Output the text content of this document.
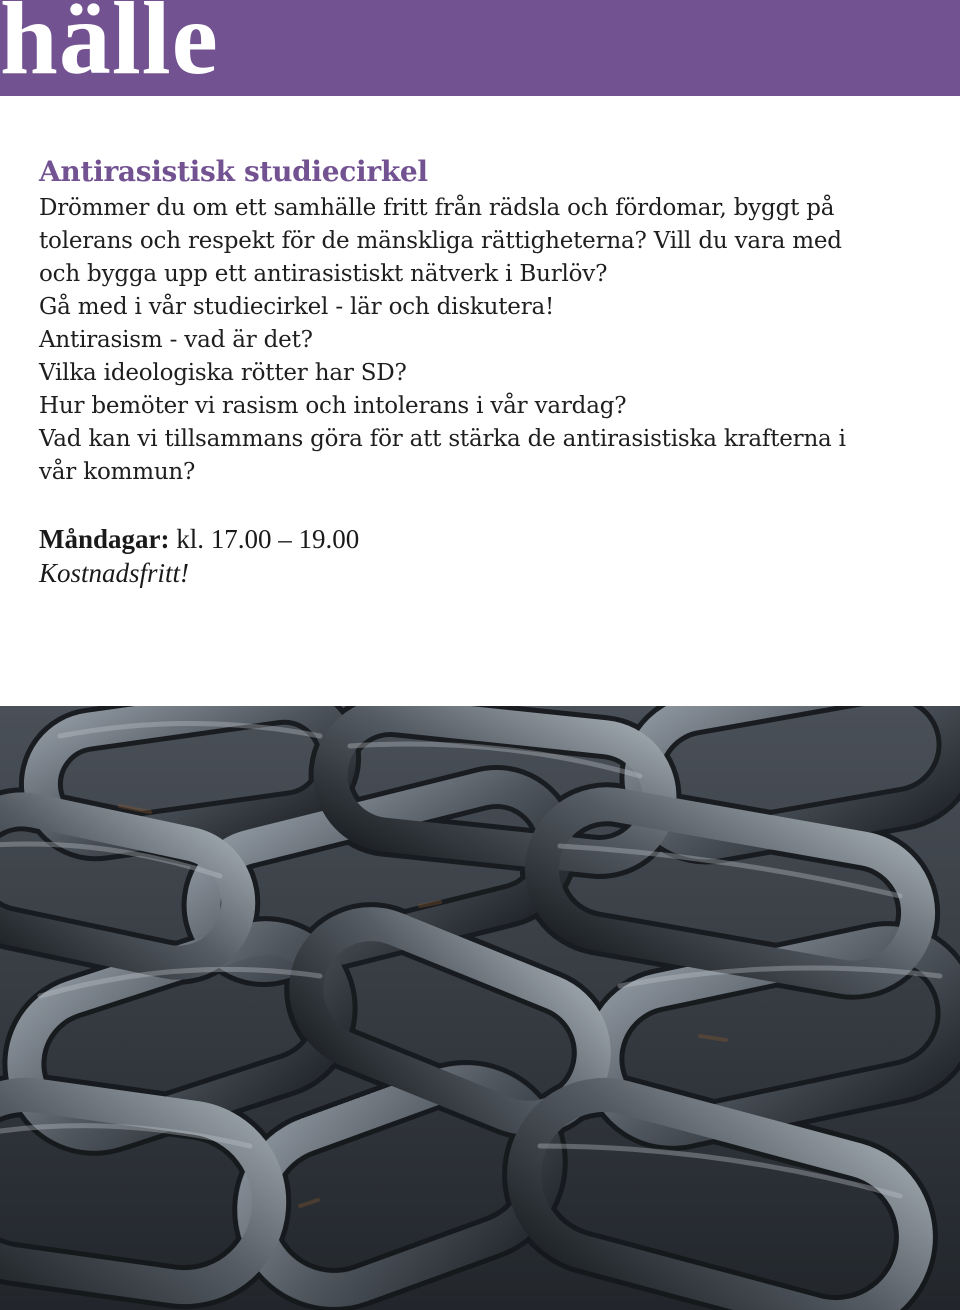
hälle
Antirasistisk studiecirkel

Drömmer du om ett samhälle fritt från rädsla och fördomar, byggt på

tolerans och respekt för de mänskliga rättigheterna? Vill du vara med

och bygga upp ett antirasistiskt nätverk i Burlöv?

Gå med i vår studiecirkel - lär och diskutera!

Antirasism - vad är det?

Vilka ideologiska rötter har SD?

Hur bemöter vi rasism och intolerans i vår vardag?

Vad kan vi tillsammans göra för att stärka de antirasistiska krafterna i

vår kommun?

Måndagar: kl. 17.00 – 19.00

Kostnadsfritt!
